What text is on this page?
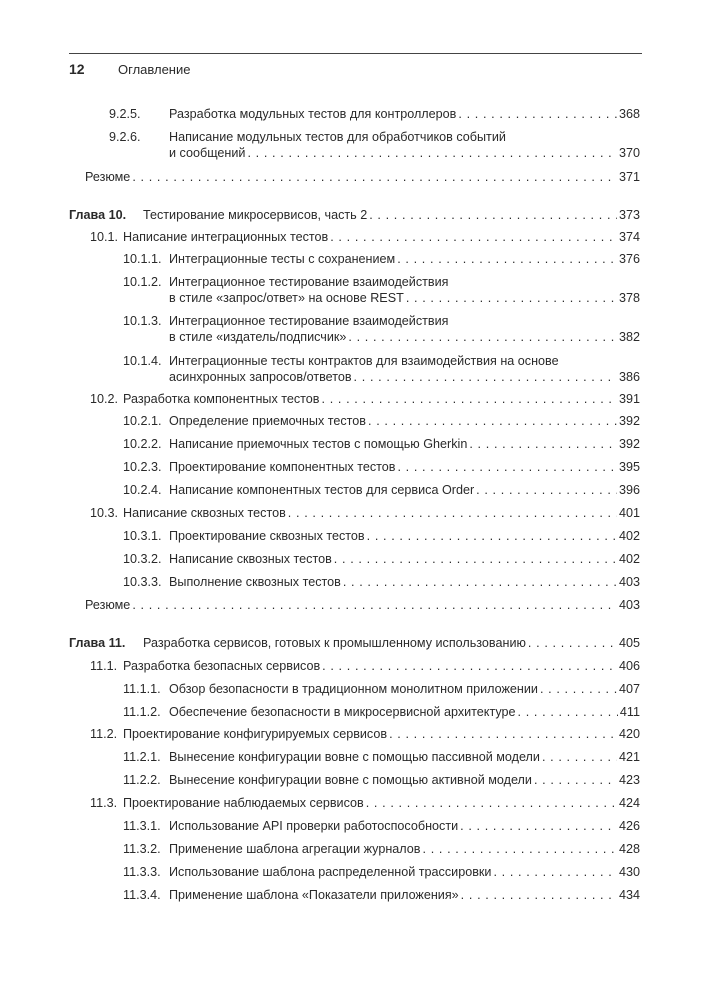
12	Оглавление
9.2.5.	Разработка модульных тестов для контроллеров . . .	368
9.2.6.	Написание модульных тестов для обработчиков событий
и сообщений . . .	370
Резюме . . .	371
Глава 10.	Тестирование микросервисов, часть 2 . . .	373
10.1. Написание интеграционных тестов . . .	374
10.1.1. Интеграционные тесты с сохранением . . .	376
10.1.2. Интеграционное тестирование взаимодействия
в стиле «запрос/ответ» на основе REST . . .	378
10.1.3. Интеграционное тестирование взаимодействия
в стиле «издатель/подписчик» . . .	382
10.1.4. Интеграционные тесты контрактов для взаимодействия на основе
асинхронных запросов/ответов . . .	386
10.2. Разработка компонентных тестов . . .	391
10.2.1. Определение приемочных тестов . . .	392
10.2.2. Написание приемочных тестов с помощью Gherkin . . .	392
10.2.3. Проектирование компонентных тестов . . .	395
10.2.4. Написание компонентных тестов для сервиса Order . . .	396
10.3. Написание сквозных тестов . . .	401
10.3.1. Проектирование сквозных тестов . . .	402
10.3.2. Написание сквозных тестов . . .	402
10.3.3. Выполнение сквозных тестов . . .	403
Резюме . . .	403
Глава 11.	Разработка сервисов, готовых к промышленному использованию . . .	405
11.1. Разработка безопасных сервисов . . .	406
11.1.1. Обзор безопасности в традиционном монолитном приложении . . .	407
11.1.2. Обеспечение безопасности в микросервисной архитектуре . . .	411
11.2. Проектирование конфигурируемых сервисов . . .	420
11.2.1. Вынесение конфигурации вовне с помощью пассивной модели . . .	421
11.2.2. Вынесение конфигурации вовне с помощью активной модели . . .	423
11.3. Проектирование наблюдаемых сервисов . . .	424
11.3.1. Использование API проверки работоспособности . . .	426
11.3.2. Применение шаблона агрегации журналов . . .	428
11.3.3. Использование шаблона распределенной трассировки . . .	430
11.3.4. Применение шаблона «Показатели приложения» . . .	434
